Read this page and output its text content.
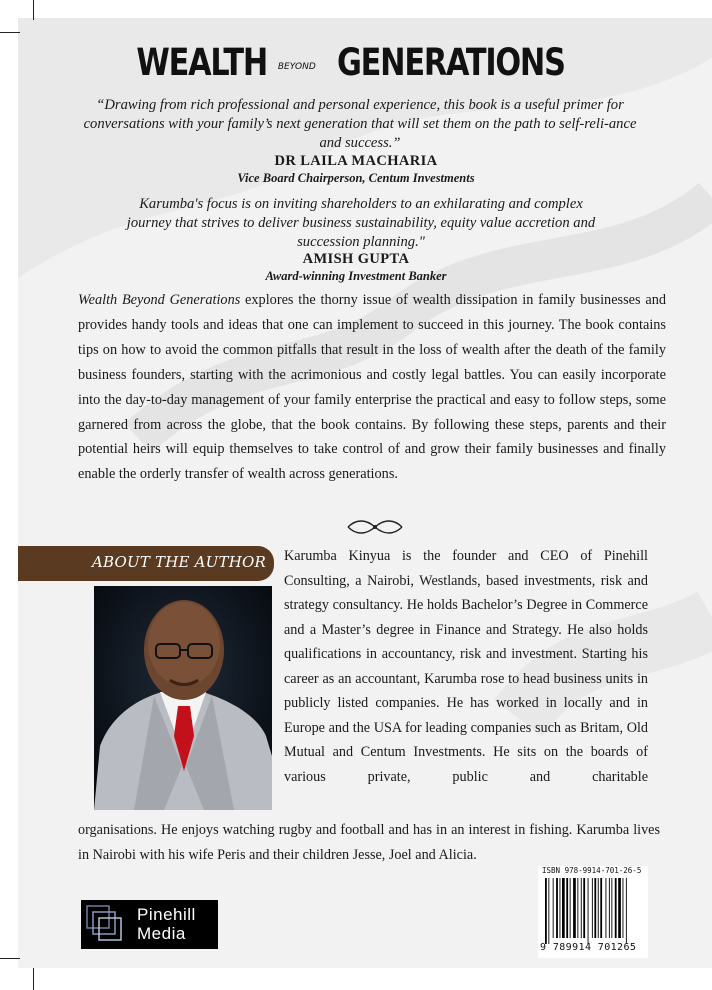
WEALTH $^{BEYOND}$ GENERATIONS
“Drawing from rich professional and personal experience, this book is a useful primer for conversations with your family’s next generation that will set them on the path to self-reli-ance and success.”
DR LAILA MACHARIA
Vice Board Chairperson, Centum Investments
Karumba's focus is on inviting shareholders to an exhilarating and complex journey that strives to deliver business sustainability, equity value accretion and succession planning."
AMISH GUPTA
Award-winning Investment Banker
Wealth Beyond Generations explores the thorny issue of wealth dissipation in family businesses and provides handy tools and ideas that one can implement to succeed in this journey. The book contains tips on how to avoid the common pitfalls that result in the loss of wealth after the death of the family business founders, starting with the acrimonious and costly legal battles. You can easily incorporate into the day-to-day management of your family enterprise the practical and easy to follow steps, some garnered from across the globe, that the book contains. By following these steps, parents and their potential heirs will equip themselves to take control of and grow their family businesses and finally enable the orderly transfer of wealth across generations.
ABOUT THE AUTHOR	Karumba Kinyua is the founder and CEO of Pinehill Consulting, a Nairobi, Westlands, based investments, risk and strategy consultancy. He holds Bachelor’s Degree in Commerce and a Master’s degree in Finance and Strategy. He also holds qualifications in accountancy, risk and investment. Starting his career as an accountant, Karumba rose to head business units in publicly listed companies. He has worked in locally and in Europe and the USA for leading companies such as Britam, Old Mutual and Centum Investments. He sits on the boards of various private, public and charitable
organisations. He enjoys watching rugby and football and has in an interest in fishing. Karumba lives in Nairobi with his wife Peris and their children Jesse, Joel and Alicia.
Pinehill
Media
ISBN 978-9914-701-26-5
9 789914 701265
